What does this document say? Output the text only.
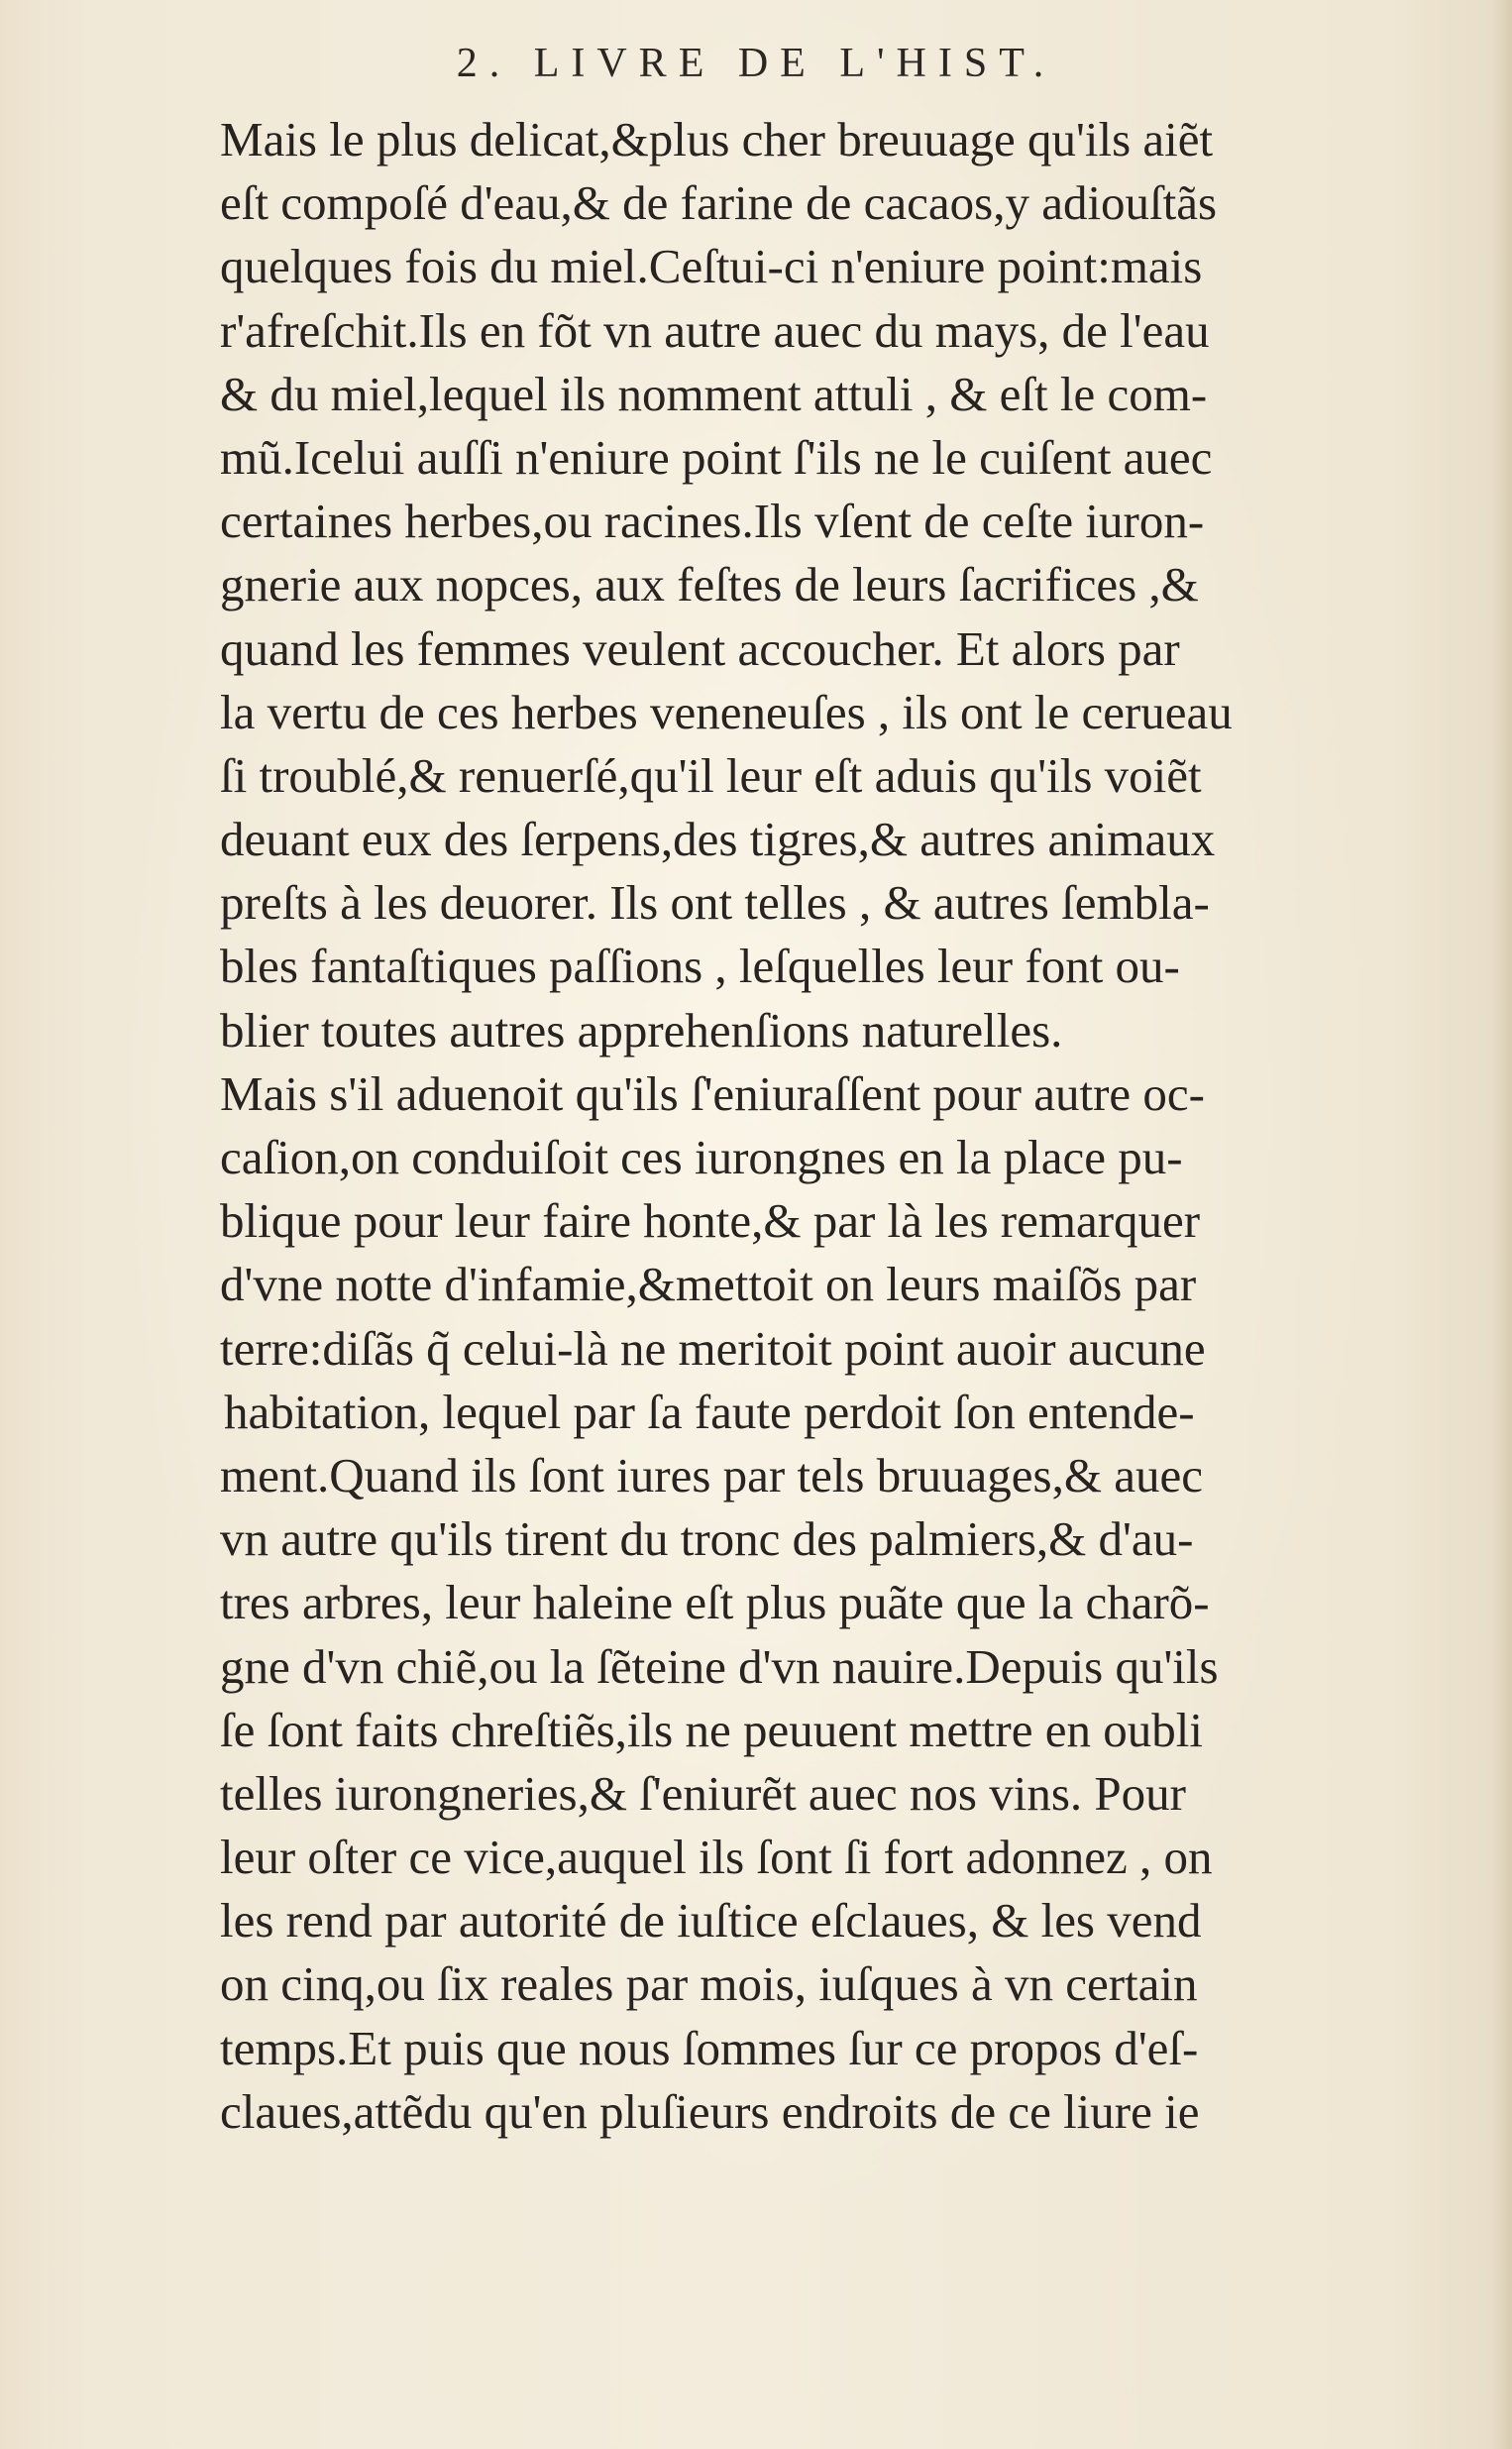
2. LIVRE DE L'HIST.
Mais le plus delicat,&plus cher breuuage qu'ils aiẽt
eſt compoſé d'eau,& de farine de cacaos,y adiouſtãs
quelques fois du miel.Ceſtui-ci n'eniure point:mais
r'afreſchit.Ils en fõt vn autre auec du mays, de l'eau
& du miel,lequel ils nomment attuli , & eſt le com-
mũ.Icelui auſſi n'eniure point ſ'ils ne le cuiſent auec
certaines herbes,ou racines.Ils vſent de ceſte iuron-
gnerie aux nopces, aux feſtes de leurs ſacrifices ,&
quand les femmes veulent accoucher. Et alors par
la vertu de ces herbes veneneuſes , ils ont le cerueau
ſi troublé,& renuerſé,qu'il leur eſt aduis qu'ils voiẽt
deuant eux des ſerpens,des tigres,& autres animaux
preſts à les deuorer. Ils ont telles , & autres ſembla-
bles fantaſtiques paſſions , leſquelles leur font ou-
blier toutes autres apprehenſions naturelles.
Mais s'il aduenoit qu'ils ſ'eniuraſſent pour autre oc-
caſion,on conduiſoit ces iurongnes en la place pu-
blique pour leur faire honte,& par là les remarquer
d'vne notte d'infamie,&mettoit on leurs maiſõs par
terre:diſãs q̃ celui-là ne meritoit point auoir aucune
habitation, lequel par ſa faute perdoit ſon entende-
ment.Quand ils ſont iures par tels bruuages,& auec
vn autre qu'ils tirent du tronc des palmiers,& d'au-
tres arbres, leur haleine eſt plus puãte que la charõ-
gne d'vn chiẽ,ou la ſẽteine d'vn nauire.Depuis qu'ils
ſe ſont faits chreſtiẽs,ils ne peuuent mettre en oubli
telles iurongneries,& ſ'eniurẽt auec nos vins. Pour
leur oſter ce vice,auquel ils ſont ſi fort adonnez , on
les rend par autorité de iuſtice eſclaues, & les vend
on cinq,ou ſix reales par mois, iuſques à vn certain
temps.Et puis que nous ſommes ſur ce propos d'eſ-
claues,attẽdu qu'en pluſieurs endroits de ce liure ie
